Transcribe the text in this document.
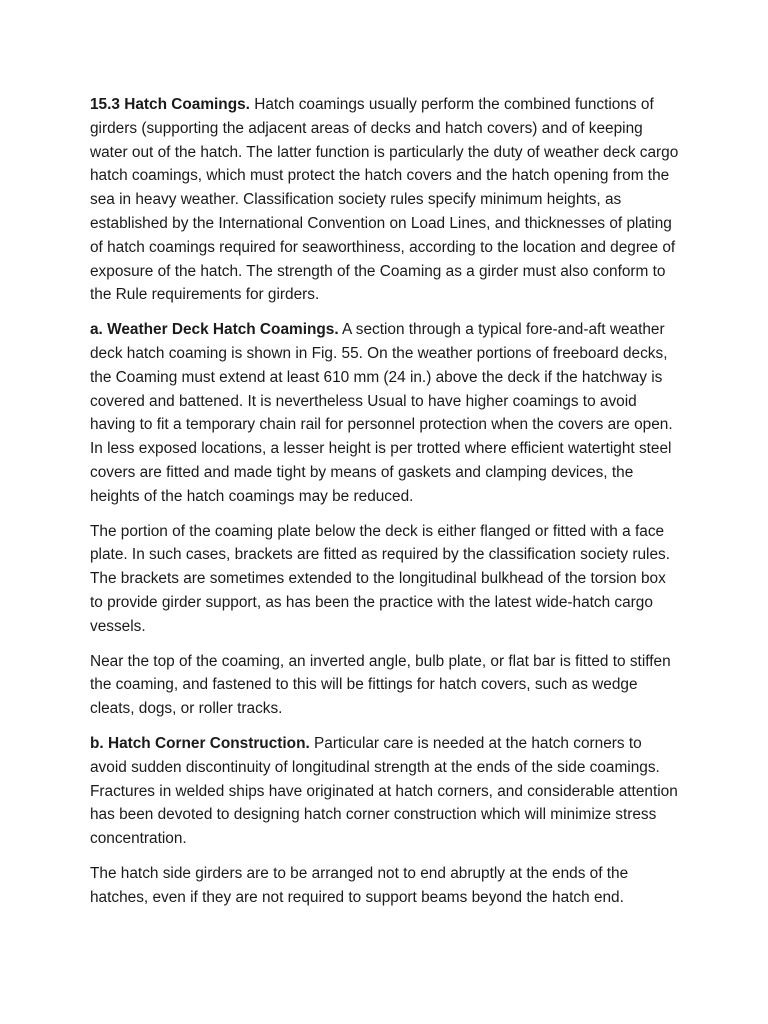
15.3 Hatch Coamings. Hatch coamings usually perform the combined functions of girders (supporting the adjacent areas of decks and hatch covers) and of keeping water out of the hatch. The latter function is particularly the duty of weather deck cargo hatch coamings, which must protect the hatch covers and the hatch opening from the sea in heavy weather. Classification society rules specify minimum heights, as established by the International Convention on Load Lines, and thicknesses of plating of hatch coamings required for seaworthiness, according to the location and degree of exposure of the hatch. The strength of the Coaming as a girder must also conform to the Rule requirements for girders.

a. Weather Deck Hatch Coamings. A section through a typical fore-and-aft weather deck hatch coaming is shown in Fig. 55. On the weather portions of freeboard decks, the Coaming must extend at least 610 mm (24 in.) above the deck if the hatchway is covered and battened. It is nevertheless Usual to have higher coamings to avoid having to fit a temporary chain rail for personnel protection when the covers are open. In less exposed locations, a lesser height is per trotted where efficient watertight steel covers are fitted and made tight by means of gaskets and clamping devices, the heights of the hatch coamings may be reduced.

The portion of the coaming plate below the deck is either flanged or fitted with a face plate. In such cases, brackets are fitted as required by the classification society rules. The brackets are sometimes extended to the longitudinal bulkhead of the torsion box to provide girder support, as has been the practice with the latest wide-hatch cargo vessels.

Near the top of the coaming, an inverted angle, bulb plate, or flat bar is fitted to stiffen the coaming, and fastened to this will be fittings for hatch covers, such as wedge cleats, dogs, or roller tracks.

b. Hatch Corner Construction. Particular care is needed at the hatch corners to avoid sudden discontinuity of longitudinal strength at the ends of the side coamings. Fractures in welded ships have originated at hatch corners, and considerable attention has been devoted to designing hatch corner construction which will minimize stress concentration.

The hatch side girders are to be arranged not to end abruptly at the ends of the hatches, even if they are not required to support beams beyond the hatch end.
